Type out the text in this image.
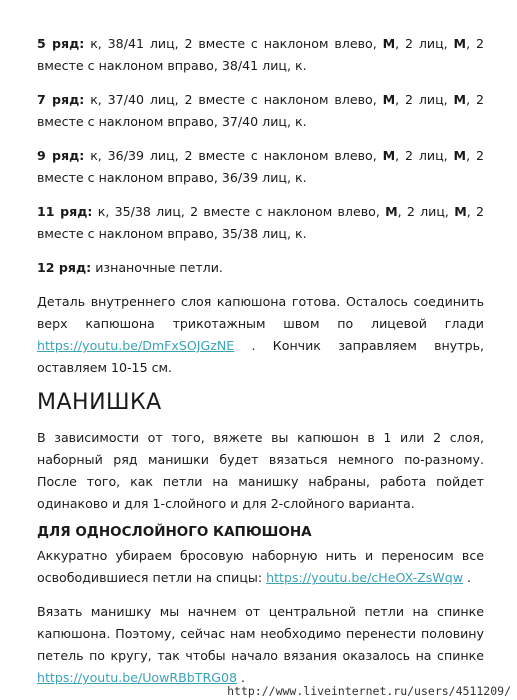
5 ряд: к, 38/41 лиц, 2 вместе с наклоном влево, М, 2 лиц, М, 2 вместе с наклоном вправо, 38/41 лиц, к.

7 ряд: к, 37/40 лиц, 2 вместе с наклоном влево, М, 2 лиц, М, 2 вместе с наклоном вправо, 37/40 лиц, к.

9 ряд: к, 36/39 лиц, 2 вместе с наклоном влево, М, 2 лиц, М, 2 вместе с наклоном вправо, 36/39 лиц, к.

11 ряд: к, 35/38 лиц, 2 вместе с наклоном влево, М, 2 лиц, М, 2 вместе с наклоном вправо, 35/38 лиц, к.

12 ряд: изнаночные петли.

Деталь внутреннего слоя капюшона готова. Осталось соединить верх капюшона трикотажным швом по лицевой глади https://youtu.be/DmFxSOJGzNE . Кончик заправляем внутрь, оставляем 10-15 см.

МАНИШКА

В зависимости от того, вяжете вы капюшон в 1 или 2 слоя, наборный ряд манишки будет вязаться немного по-разному. После того, как петли на манишку набраны, работа пойдет одинаково и для 1-слойного и для 2-слойного варианта.

ДЛЯ ОДНОСЛОЙНОГО КАПЮШОНА

Аккуратно убираем бросовую наборную нить и переносим все освободившиеся петли на спицы: https://youtu.be/cHeOX-ZsWqw .

Вязать манишку мы начнем от центральной петли на спинке капюшона. Поэтому, сейчас нам необходимо перенести половину петель по кругу, так чтобы начало вязания оказалось на спинке https://youtu.be/UowRBbTRG08 .

http://www.liveinternet.ru/users/4511209/
